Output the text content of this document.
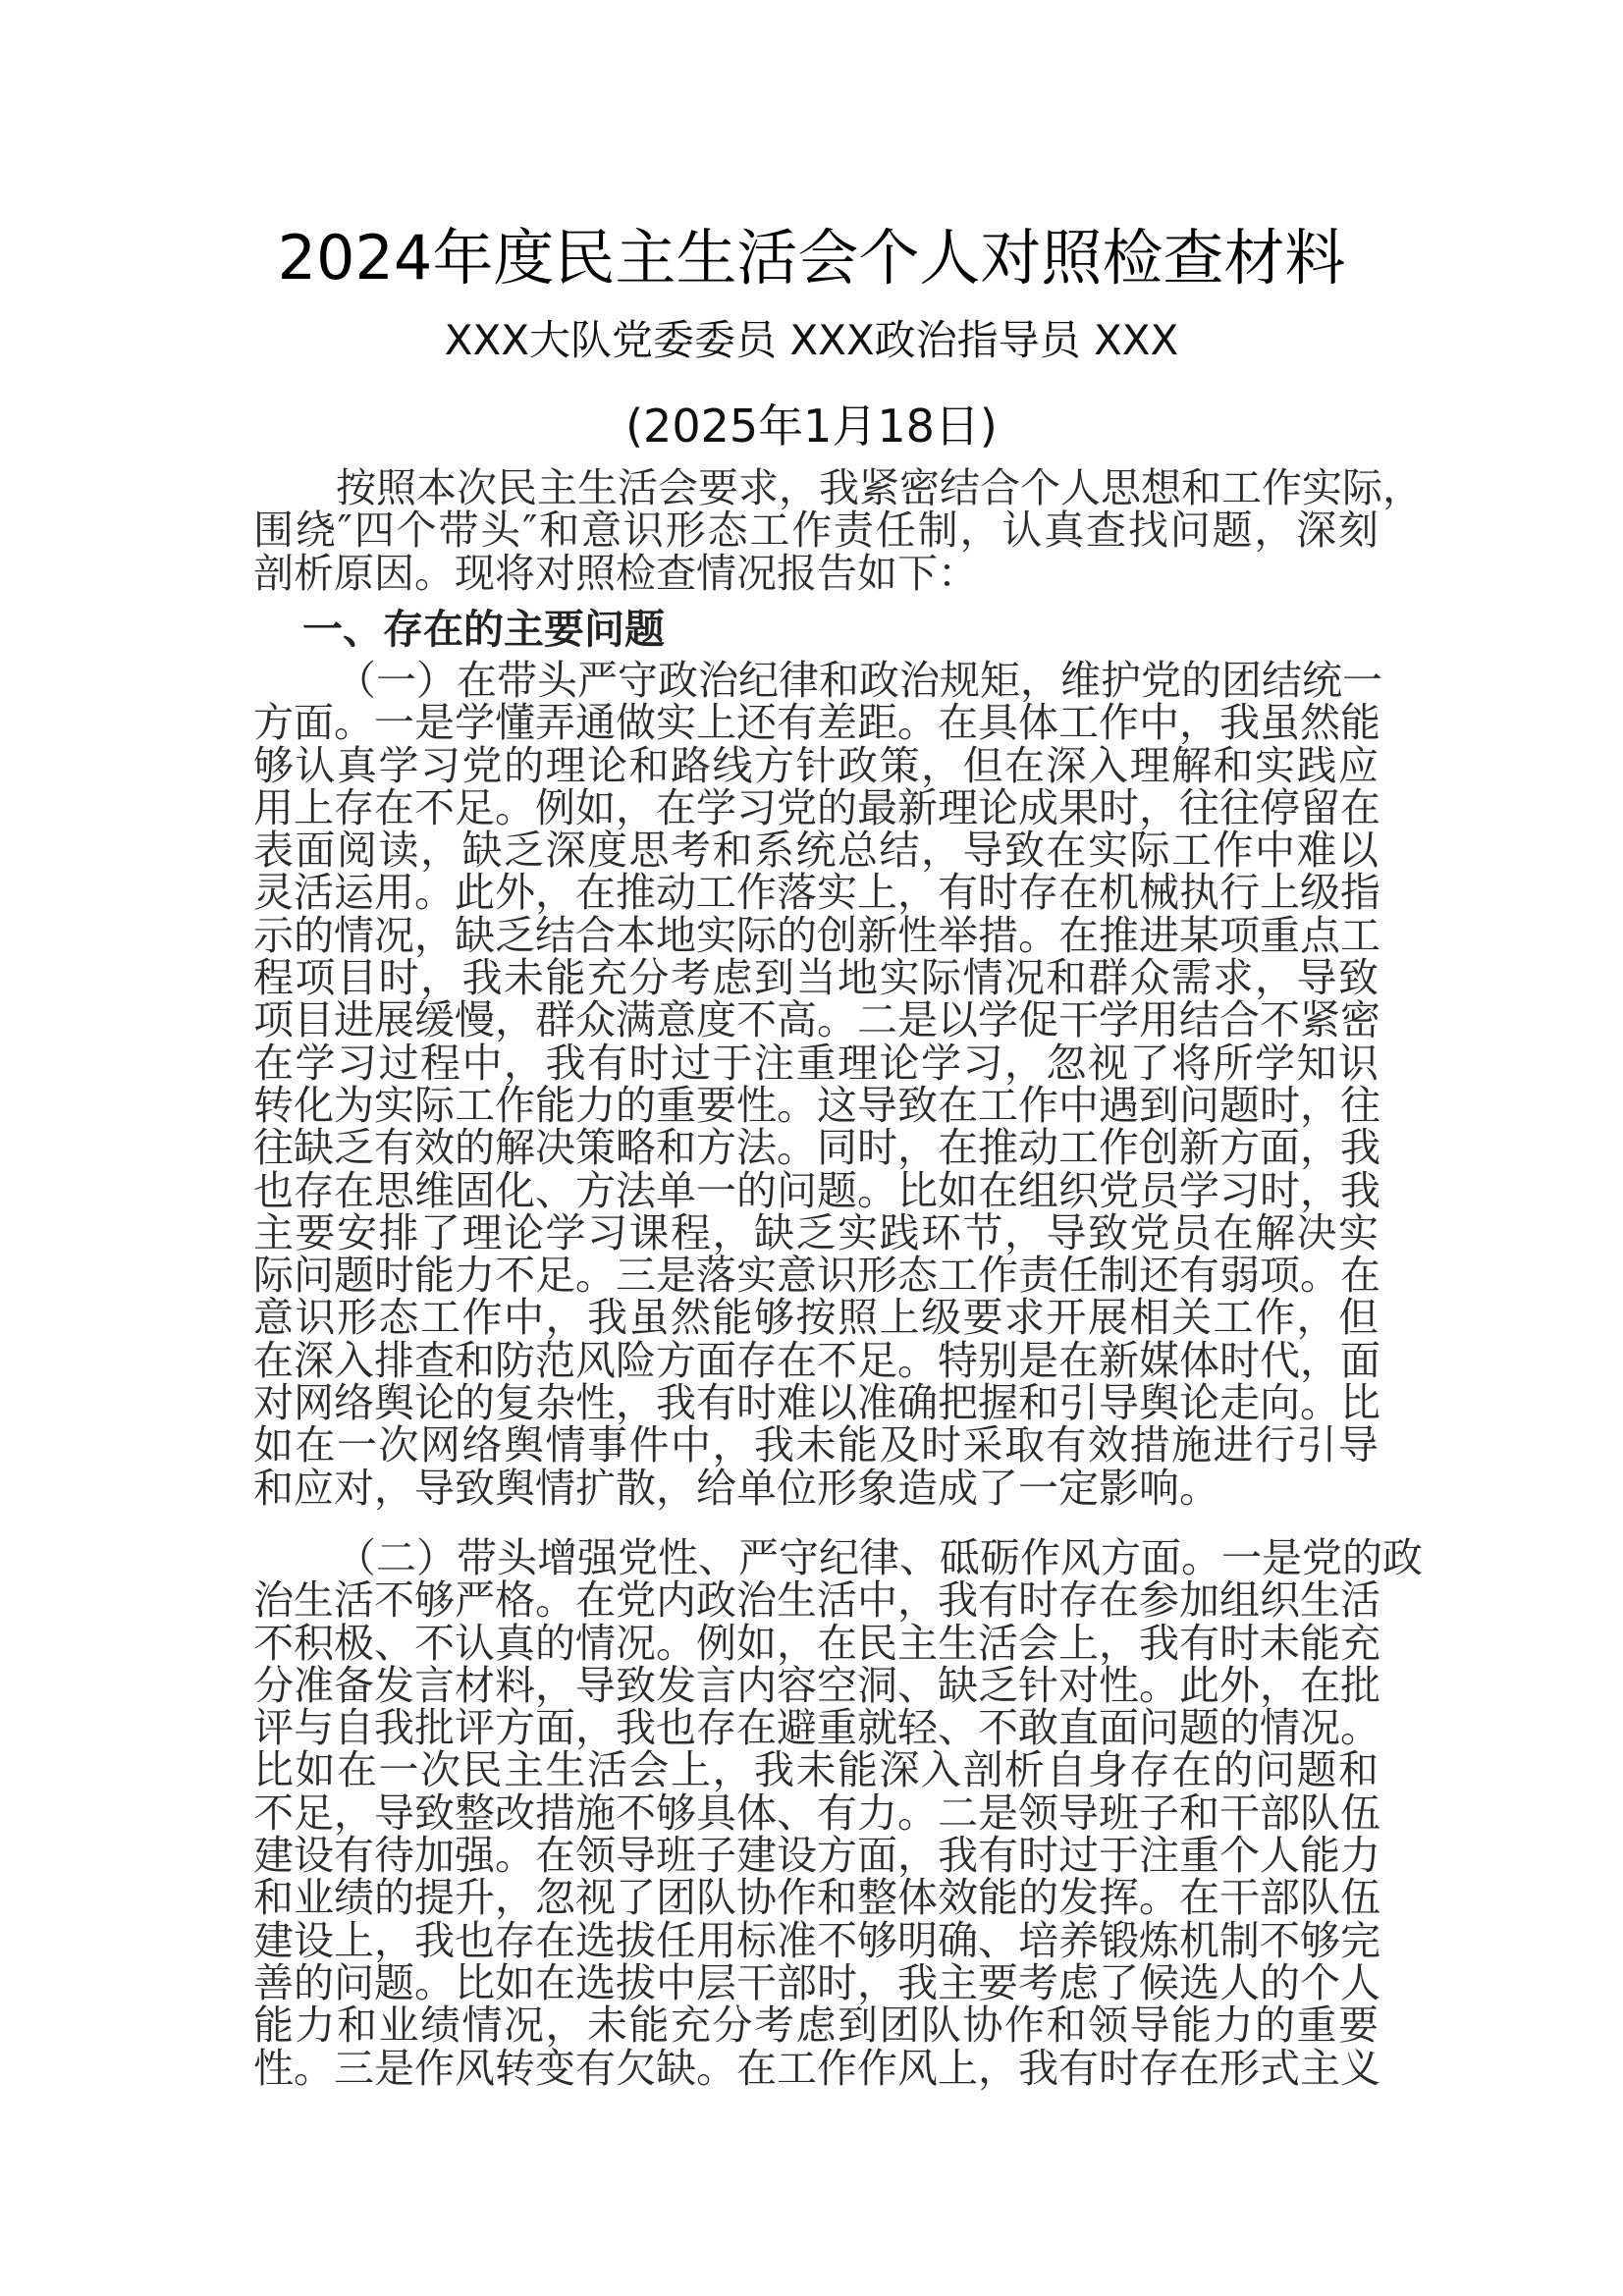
2024年度民主生活会个人对照检查材料
XXX大队党委委员 XXX政治指导员 XXX
(2025年1月18日)
按照本次民主生活会要求，我紧密结合个人思想和工作实际，
围绕″四个带头″和意识形态工作责任制，认真查找问题，深刻
剖析原因。现将对照检查情况报告如下：
一、存在的主要问题
（一）在带头严守政治纪律和政治规矩，维护党的团结统一
方面。一是学懂弄通做实上还有差距。在具体工作中，我虽然能
够认真学习党的理论和路线方针政策，但在深入理解和实践应
用上存在不足。例如，在学习党的最新理论成果时，往往停留在
表面阅读，缺乏深度思考和系统总结，导致在实际工作中难以
灵活运用。此外，在推动工作落实上，有时存在机械执行上级指
示的情况，缺乏结合本地实际的创新性举措。在推进某项重点工
程项目时，我未能充分考虑到当地实际情况和群众需求，导致
项目进展缓慢，群众满意度不高。二是以学促干学用结合不紧密
在学习过程中，我有时过于注重理论学习，忽视了将所学知识
转化为实际工作能力的重要性。这导致在工作中遇到问题时，往
往缺乏有效的解决策略和方法。同时，在推动工作创新方面，我
也存在思维固化、方法单一的问题。比如在组织党员学习时，我
主要安排了理论学习课程，缺乏实践环节，导致党员在解决实
际问题时能力不足。三是落实意识形态工作责任制还有弱项。在
意识形态工作中，我虽然能够按照上级要求开展相关工作，但
在深入排查和防范风险方面存在不足。特别是在新媒体时代，面
对网络舆论的复杂性，我有时难以准确把握和引导舆论走向。比
如在一次网络舆情事件中，我未能及时采取有效措施进行引导
和应对，导致舆情扩散，给单位形象造成了一定影响。
（二）带头增强党性、严守纪律、砥砺作风方面。一是党的政
治生活不够严格。在党内政治生活中，我有时存在参加组织生活
不积极、不认真的情况。例如，在民主生活会上，我有时未能充
分准备发言材料，导致发言内容空洞、缺乏针对性。此外，在批
评与自我批评方面，我也存在避重就轻、不敢直面问题的情况。
比如在一次民主生活会上，我未能深入剖析自身存在的问题和
不足，导致整改措施不够具体、有力。二是领导班子和干部队伍
建设有待加强。在领导班子建设方面，我有时过于注重个人能力
和业绩的提升，忽视了团队协作和整体效能的发挥。在干部队伍
建设上，我也存在选拔任用标准不够明确、培养锻炼机制不够完
善的问题。比如在选拔中层干部时，我主要考虑了候选人的个人
能力和业绩情况，未能充分考虑到团队协作和领导能力的重要
性。三是作风转变有欠缺。在工作作风上，我有时存在形式主义
